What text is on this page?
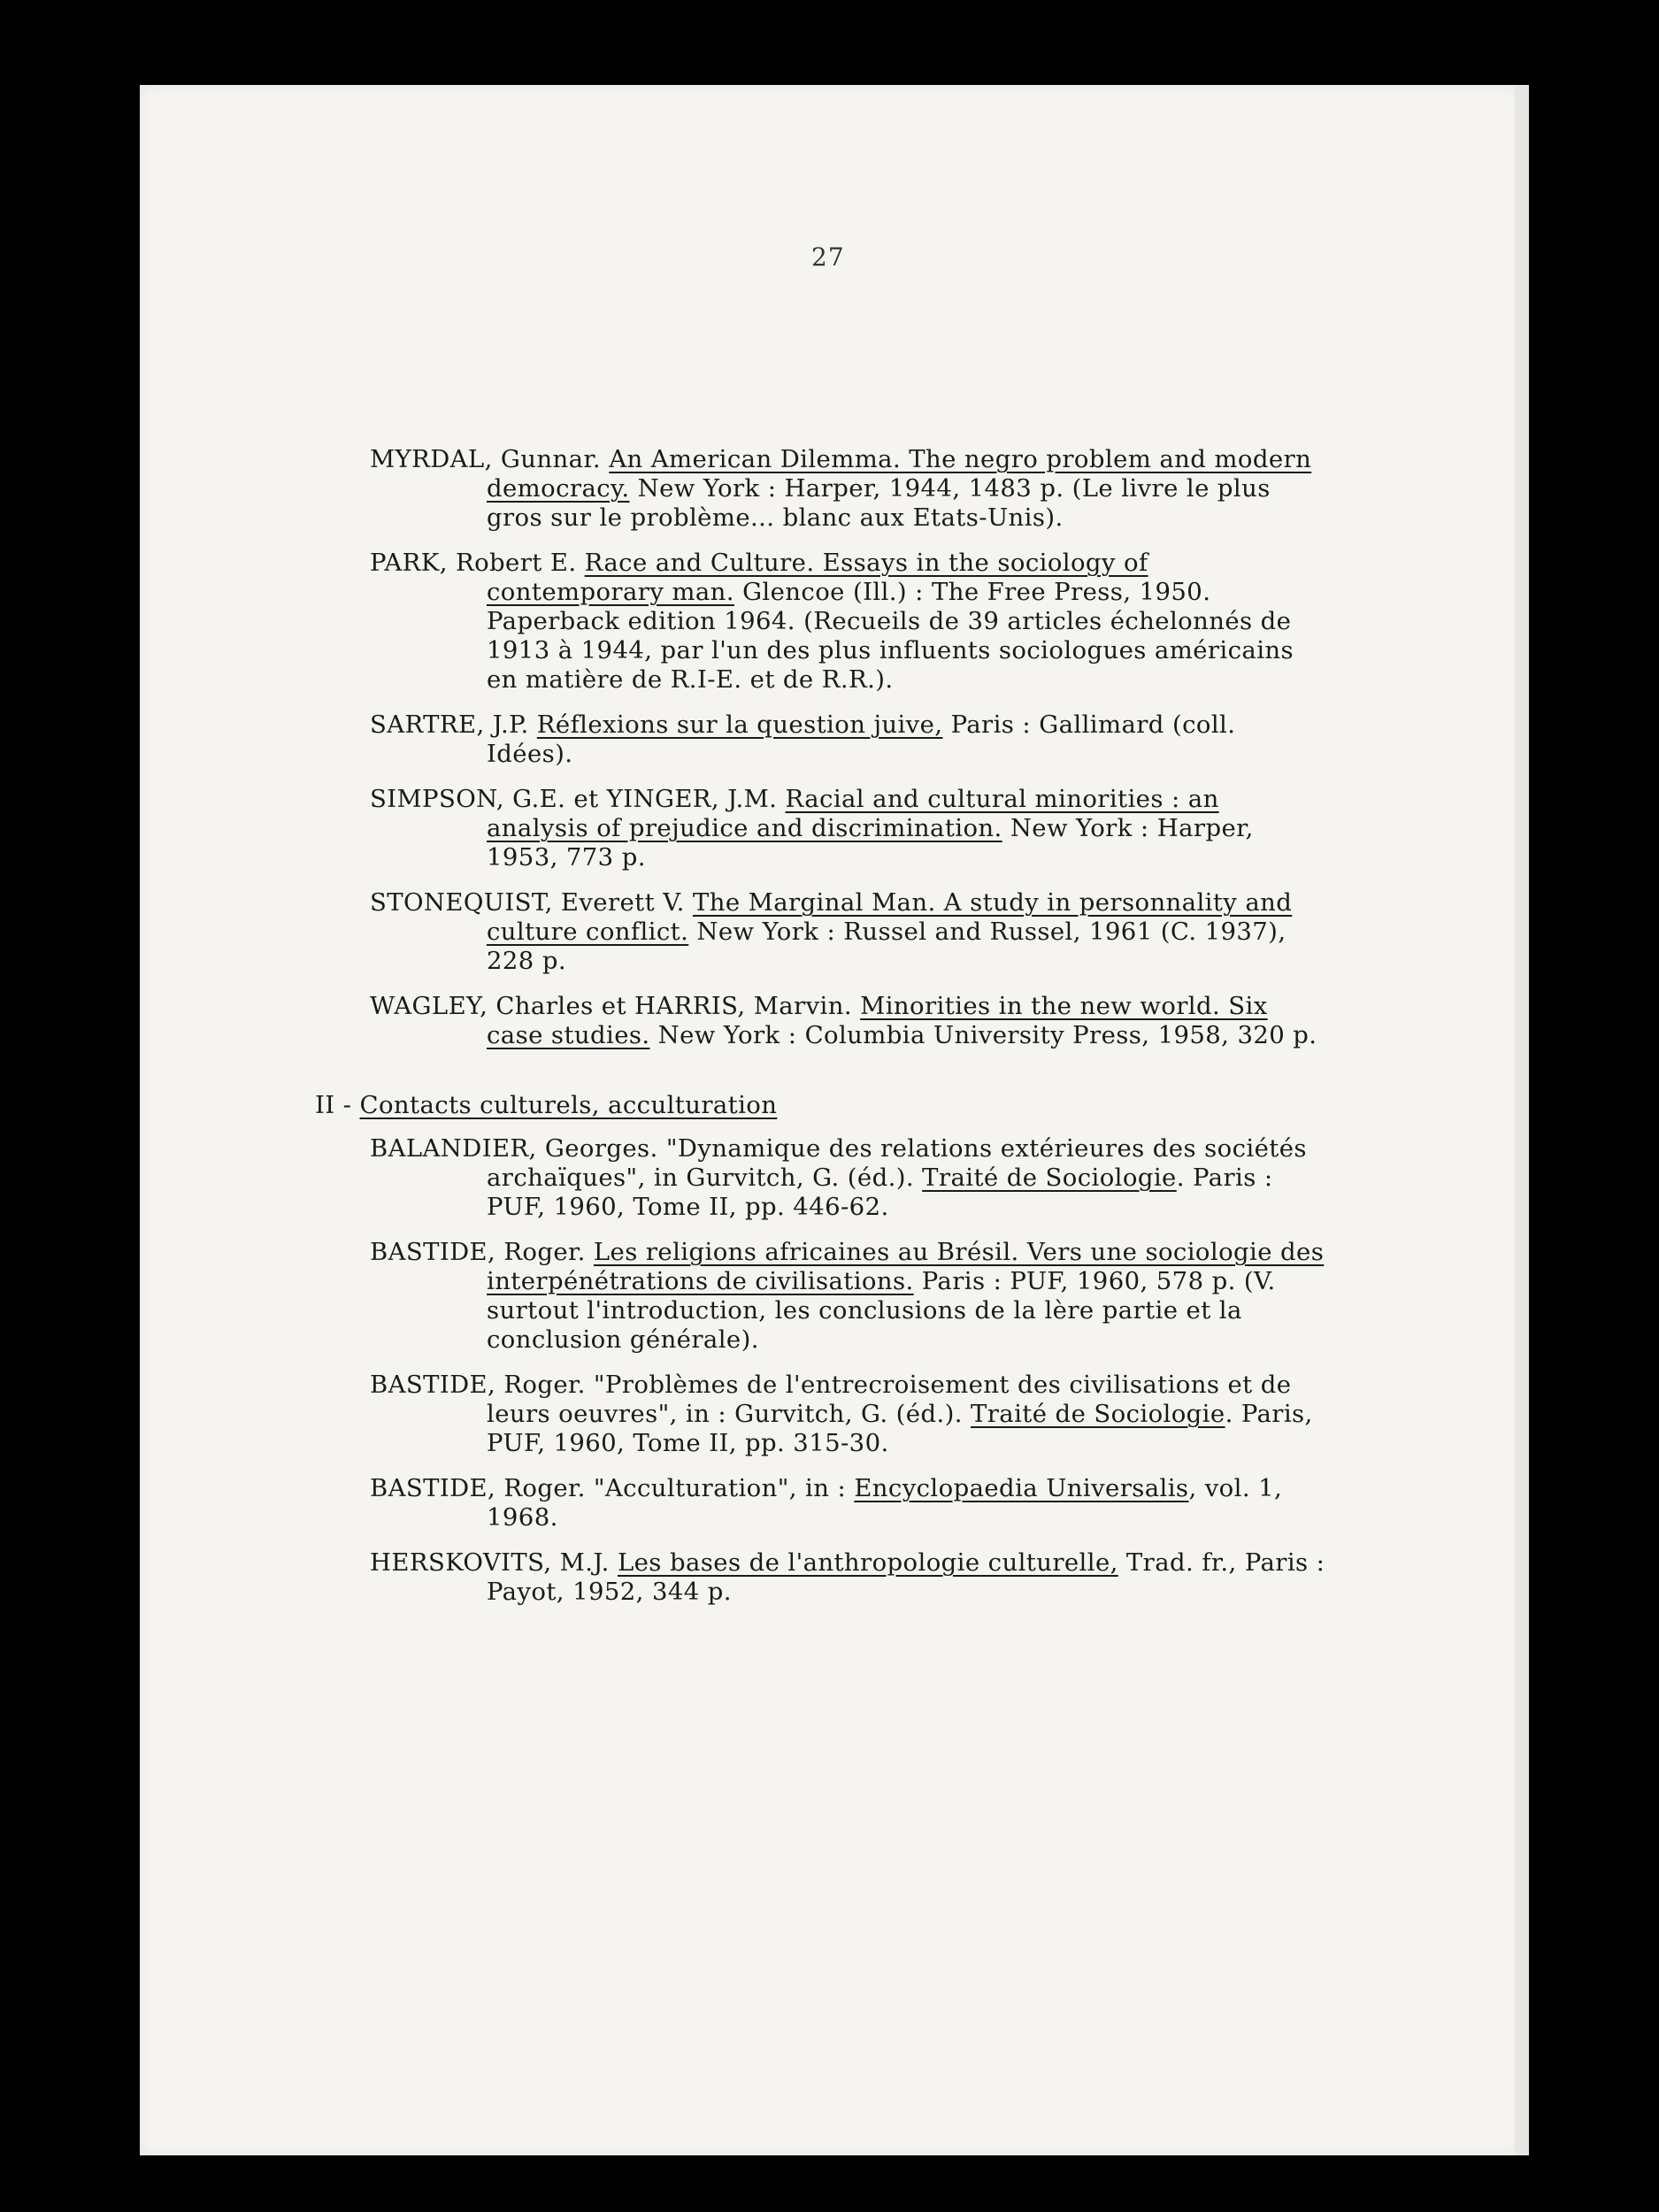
27
MYRDAL, Gunnar. An American Dilemma. The negro problem and modern democracy. New York : Harper, 1944, 1483 p. (Le livre le plus gros sur le problème... blanc aux Etats-Unis).
PARK, Robert E. Race and Culture. Essays in the sociology of contemporary man. Glencoe (Ill.) : The Free Press, 1950. Paperback edition 1964. (Recueils de 39 articles échelonnés de 1913 à 1944, par l'un des plus influents sociologues américains en matière de R.I-E. et de R.R.).
SARTRE, J.P. Réflexions sur la question juive, Paris : Gallimard (coll. Idées).
SIMPSON, G.E. et YINGER, J.M. Racial and cultural minorities : an analysis of prejudice and discrimination. New York : Harper, 1953, 773 p.
STONEQUIST, Everett V. The Marginal Man. A study in personnality and culture conflict. New York : Russel and Russel, 1961 (C. 1937), 228 p.
WAGLEY, Charles et HARRIS, Marvin. Minorities in the new world. Six case studies. New York : Columbia University Press, 1958, 320 p.
II - Contacts culturels, acculturation
BALANDIER, Georges. "Dynamique des relations extérieures des sociétés archaïques", in Gurvitch, G. (éd.). Traité de Sociologie. Paris : PUF, 1960, Tome II, pp. 446-62.
BASTIDE, Roger. Les religions africaines au Brésil. Vers une sociologie des interpénétrations de civilisations. Paris : PUF, 1960, 578 p. (V. surtout l'introduction, les conclusions de la lère partie et la conclusion générale).
BASTIDE, Roger. "Problèmes de l'entrecroisement des civilisations et de leurs oeuvres", in : Gurvitch, G. (éd.). Traité de Sociologie. Paris, PUF, 1960, Tome II, pp. 315-30.
BASTIDE, Roger. "Acculturation", in : Encyclopaedia Universalis, vol. 1, 1968.
HERSKOVITS, M.J. Les bases de l'anthropologie culturelle, Trad. fr., Paris : Payot, 1952, 344 p.
